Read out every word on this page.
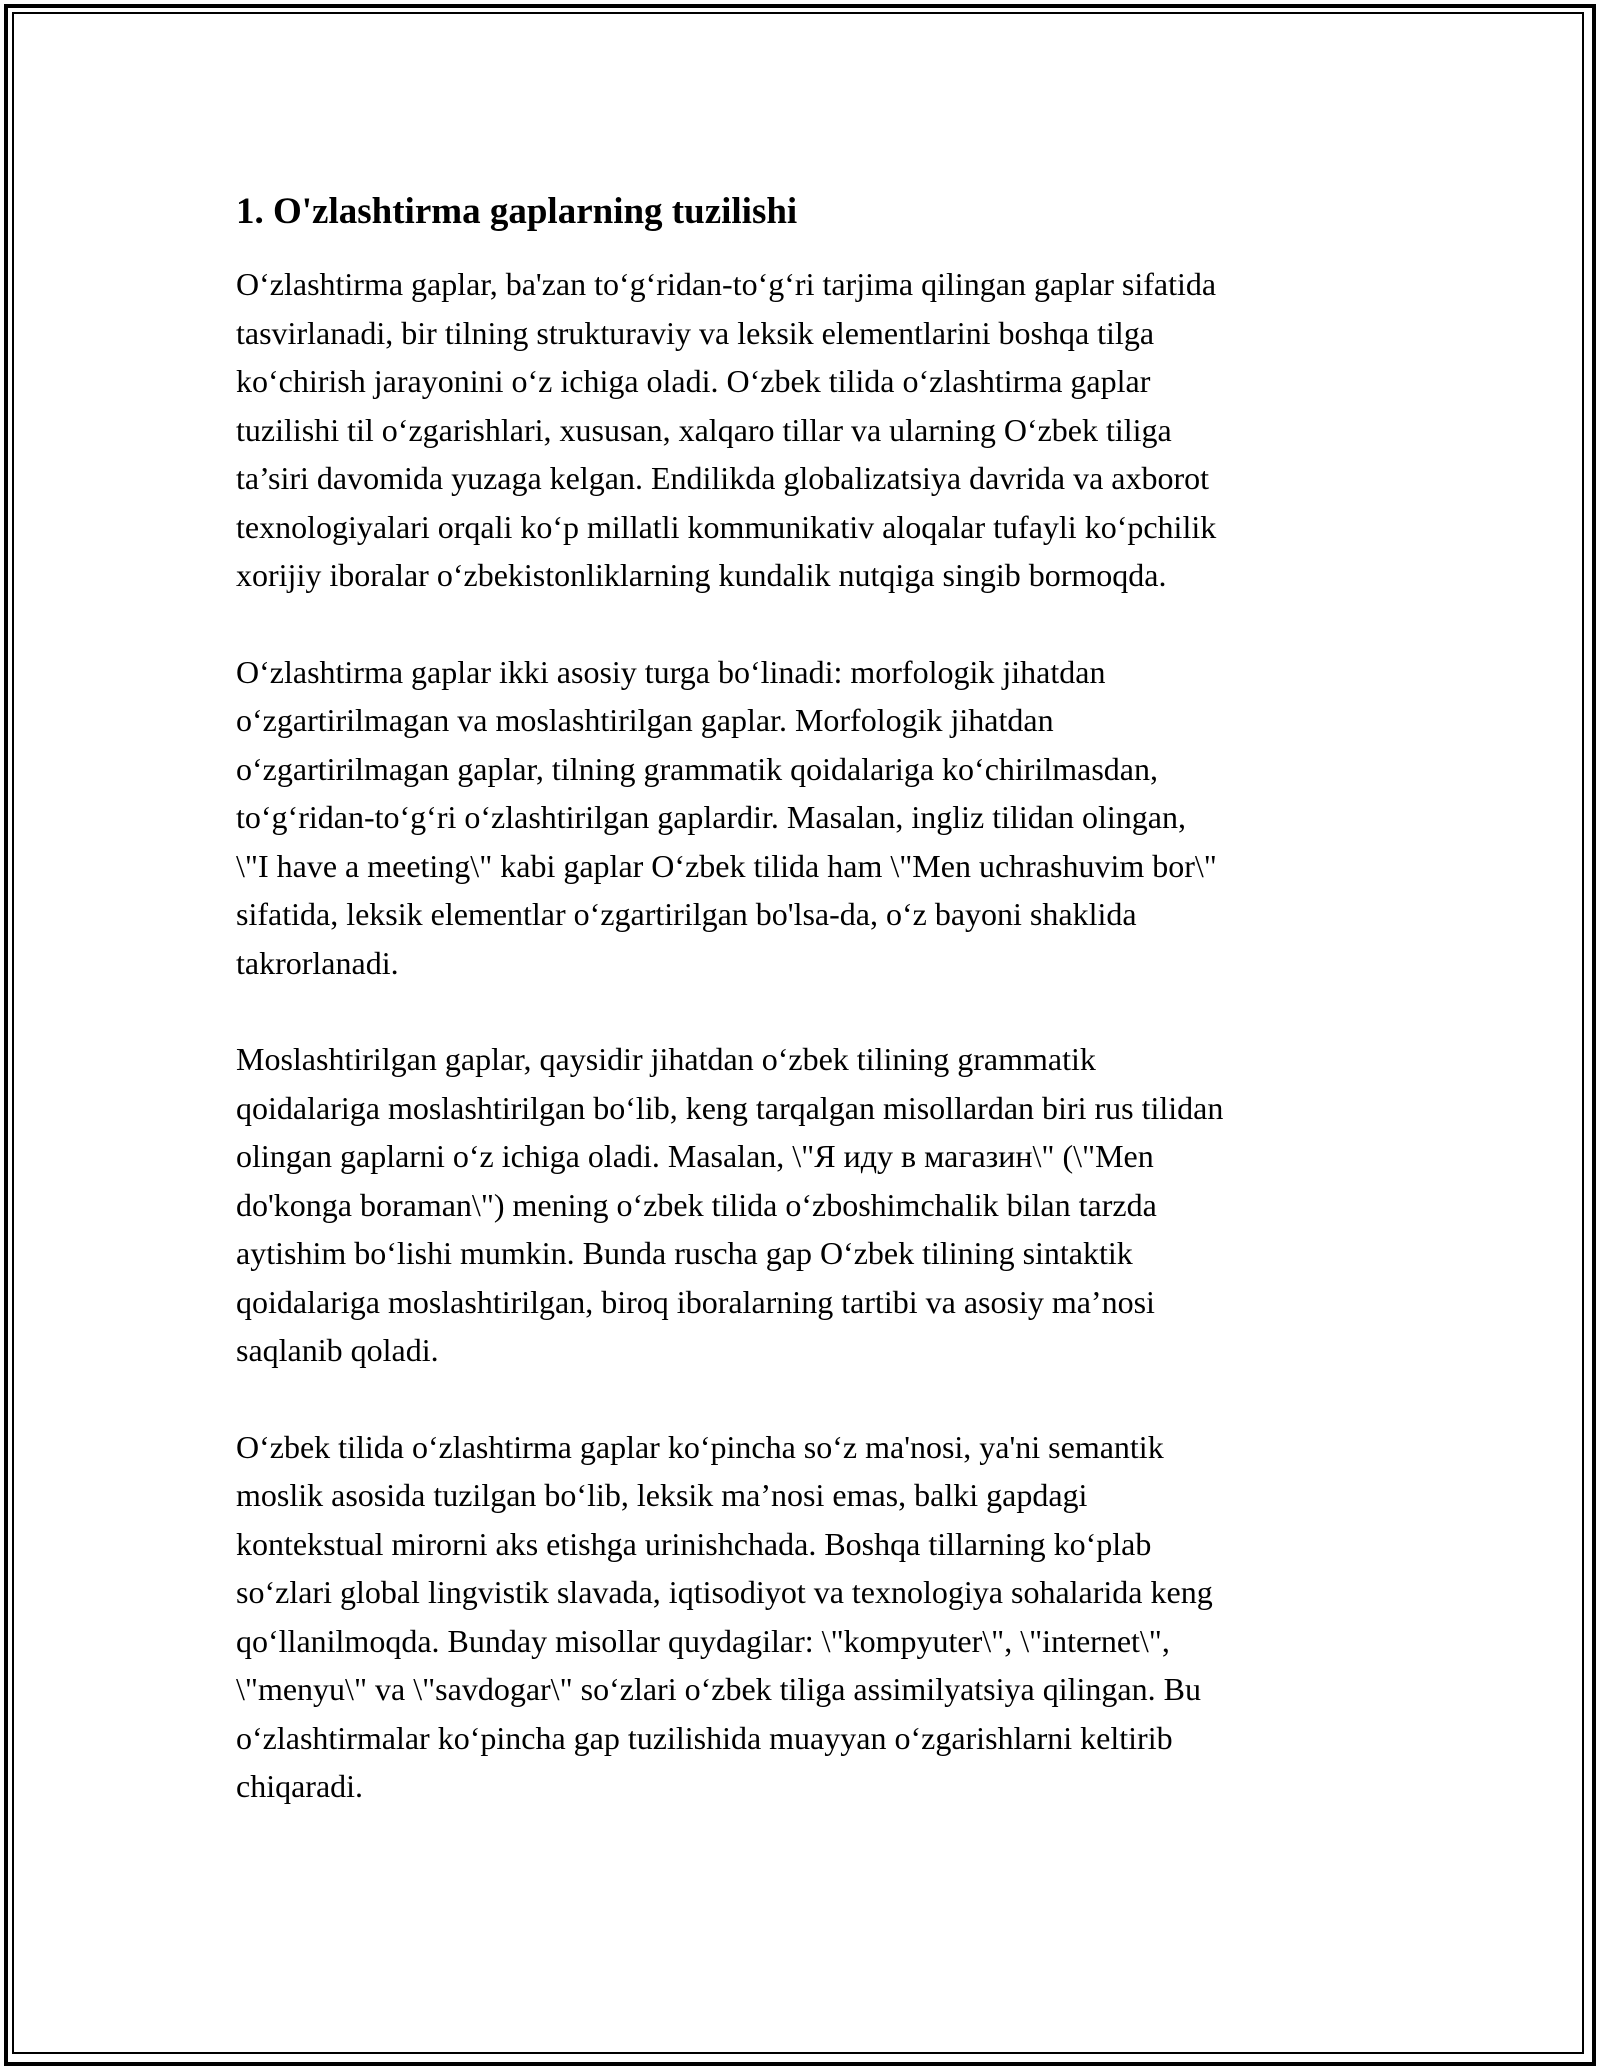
1. O'zlashtirma gaplarning tuzilishi

O‘zlashtirma gaplar, ba'zan to‘g‘ridan-to‘g‘ri tarjima qilingan gaplar sifatida
tasvirlanadi, bir tilning strukturaviy va leksik elementlarini boshqa tilga
ko‘chirish jarayonini o‘z ichiga oladi. O‘zbek tilida o‘zlashtirma gaplar
tuzilishi til o‘zgarishlari, xususan, xalqaro tillar va ularning O‘zbek tiliga
ta’siri davomida yuzaga kelgan. Endilikda globalizatsiya davrida va axborot
texnologiyalari orqali ko‘p millatli kommunikativ aloqalar tufayli ko‘pchilik
xorijiy iboralar o‘zbekistonliklarning kundalik nutqiga singib bormoqda.

O‘zlashtirma gaplar ikki asosiy turga bo‘linadi: morfologik jihatdan
o‘zgartirilmagan va moslashtirilgan gaplar. Morfologik jihatdan
o‘zgartirilmagan gaplar, tilning grammatik qoidalariga ko‘chirilmasdan,
to‘g‘ridan-to‘g‘ri o‘zlashtirilgan gaplardir. Masalan, ingliz tilidan olingan,
\"I have a meeting\" kabi gaplar O‘zbek tilida ham \"Men uchrashuvim bor\"
sifatida, leksik elementlar o‘zgartirilgan bo'lsa-da, o‘z bayoni shaklida
takrorlanadi.

Moslashtirilgan gaplar, qaysidir jihatdan o‘zbek tilining grammatik
qoidalariga moslashtirilgan bo‘lib, keng tarqalgan misollardan biri rus tilidan
olingan gaplarni o‘z ichiga oladi. Masalan, \"Я иду в магазин\" (\"Men
do'konga boraman\") mening o‘zbek tilida o‘zboshimchalik bilan tarzda
aytishim bo‘lishi mumkin. Bunda ruscha gap O‘zbek tilining sintaktik
qoidalariga moslashtirilgan, biroq iboralarning tartibi va asosiy ma’nosi
saqlanib qoladi.

O‘zbek tilida o‘zlashtirma gaplar ko‘pincha so‘z ma'nosi, ya'ni semantik
moslik asosida tuzilgan bo‘lib, leksik ma’nosi emas, balki gapdagi
kontekstual mirorni aks etishga urinishchada. Boshqa tillarning ko‘plab
so‘zlari global lingvistik slavada, iqtisodiyot va texnologiya sohalarida keng
qo‘llanilmoqda. Bunday misollar quydagilar: \"kompyuter\", \"internet\",
\"menyu\" va \"savdogar\" so‘zlari o‘zbek tiliga assimilyatsiya qilingan. Bu
o‘zlashtirmalar ko‘pincha gap tuzilishida muayyan o‘zgarishlarni keltirib
chiqaradi.
